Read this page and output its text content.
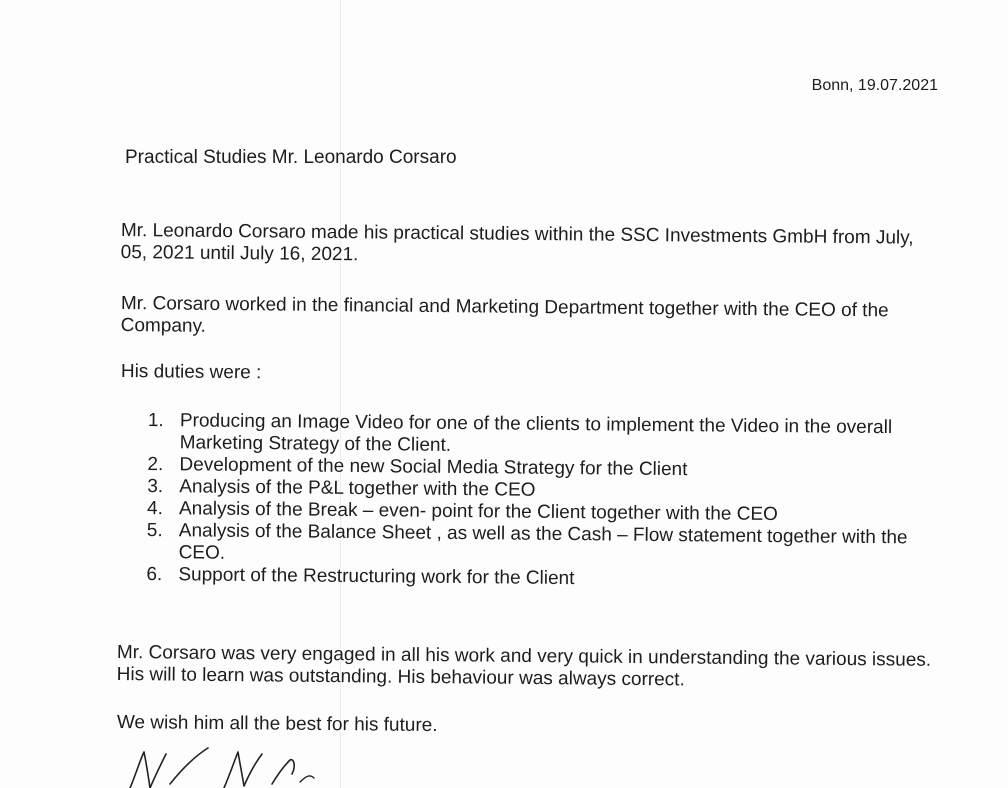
Bonn, 19.07.2021
Practical Studies Mr. Leonardo Corsaro
Mr. Leonardo Corsaro made his practical studies within the SSC Investments GmbH from July, 05, 2021 until July 16, 2021.
Mr. Corsaro worked in the financial and Marketing Department together with the CEO of the Company.
His duties were :
1. Producing an Image Video for one of the clients to implement the Video in the overall Marketing Strategy of the Client.
2. Development of the new Social Media Strategy for the Client
3. Analysis of the P&L together with the CEO
4. Analysis of the Break – even- point for the Client together with the CEO
5. Analysis of the Balance Sheet , as well as the Cash – Flow statement together with the CEO.
6. Support of the Restructuring work for the Client
Mr. Corsaro was very engaged in all his work and very quick in understanding the various issues. His will to learn was outstanding. His behaviour was always correct.
We wish him all the best for his future.
